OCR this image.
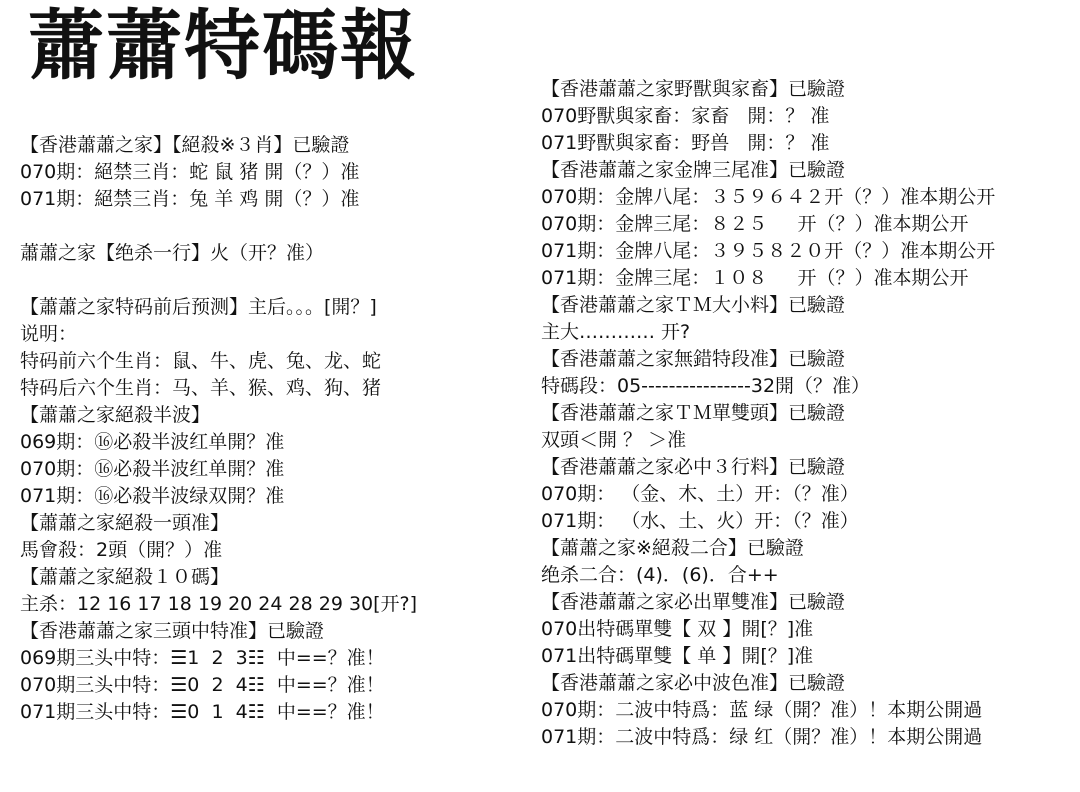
蕭蕭特碼報
【香港蕭蕭之家】【絕殺※３肖】已驗證
070期：絕禁三肖：蛇 鼠 猪 開（？）准
071期：絕禁三肖：兔 羊 鸡 開（？）准
蕭蕭之家【绝杀一行】火（开？准）
【蕭蕭之家特码前后预测】主后。。。[開？]
说明：
特码前六个生肖：鼠、牛、虎、兔、龙、蛇
特码后六个生肖：马、羊、猴、鸡、狗、猪
【蕭蕭之家絕殺半波】
069期：⑯必殺半波红单開？准
070期：⑯必殺半波红单開？准
071期：⑯必殺半波绿双開？准
【蕭蕭之家絕殺一頭准】
馬會殺：2頭（開？）准
【蕭蕭之家絕殺１０碼】
主杀：12 16 17 18 19 20 24 28 29 30[开?]
【香港蕭蕭之家三頭中特准】已驗證
069期三头中特：☰1  2  3☷  中==？准！
070期三头中特：☰0  2  4☷  中==？准！
071期三头中特：☰0  1  4☷  中==？准！
【香港蕭蕭之家野獸與家畜】已驗證
070野獸與家畜：家畜   開：？ 准
071野獸與家畜：野兽   開：？ 准
【香港蕭蕭之家金牌三尾准】已驗證
070期：金牌八尾：３５９６４２开（？）准本期公开
070期：金牌三尾：８２５     开（？）准本期公开
071期：金牌八尾：３９５８２０开（？）准本期公开
071期：金牌三尾：１０８     开（？）准本期公开
【香港蕭蕭之家ＴＭ大小料】已驗證
主大………… 开?
【香港蕭蕭之家無錯特段准】已驗證
特碼段：05----------------32開（？准）
【香港蕭蕭之家ＴＭ單雙頭】已驗證
双頭＜開 ？ ＞准
【香港蕭蕭之家必中３行料】已驗證
070期： （金、木、土）开：（？准）
071期： （水、土、火）开：（？准）
【蕭蕭之家※絕殺二合】已驗證
绝杀二合：(4)．(6)．合++
【香港蕭蕭之家必出單雙准】已驗證
070出特碼單雙【 双 】開[？]准
071出特碼單雙【 单 】開[？]准
【香港蕭蕭之家必中波色准】已驗證
070期：二波中特爲：蓝 绿（開？准）！本期公開過
071期：二波中特爲：绿 红（開？准）！本期公開過
